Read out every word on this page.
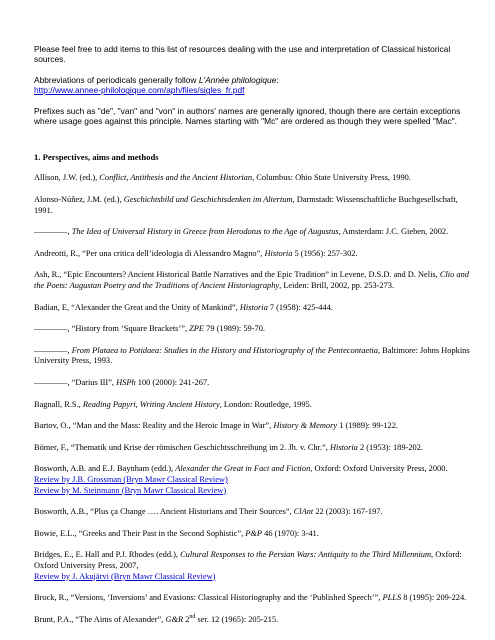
Please feel free to add items to this list of resources dealing with the use and interpretation of Classical historical sources.
Abbreviations of periodicals generally follow L'Année philologique:
http://www.annee-philologique.com/aph/files/sigles_fr.pdf
Prefixes such as "de", "van" and "von" in authors' names are generally ignored, though there are certain exceptions where usage goes against this principle. Names starting with "Mc" are ordered as though they were spelled "Mac".
1. Perspectives, aims and methods
Allison, J.W. (ed.), Conflict, Antithesis and the Ancient Historian, Columbus: Ohio State University Press, 1990.
Alonso-Núñez, J.M. (ed.), Geschichtsbild und Geschichtsdenken im Altertum, Darmstadt: Wissenschaftliche Buchgesellschaft, 1991.
————, The Idea of Universal History in Greece from Herodotus to the Age of Augustus, Amsterdam: J.C. Gieben, 2002.
Andreotti, R., “Per una critica dell’ideologia di Alessandro Magno”, Historia 5 (1956): 257-302.
Ash, R., “Epic Encounters? Ancient Historical Battle Narratives and the Epic Tradition” in Levene, D.S.D. and D. Nelis, Clio and the Poets: Augustan Poetry and the Traditions of Ancient Historiography, Leiden: Brill, 2002, pp. 253-273.
Badian, E, “Alexander the Great and the Unity of Mankind”, Historia 7 (1958): 425-444.
————, “History from ‘Square Brackets’”, ZPE 79 (1989): 59-70.
————, From Plataea to Potidaea: Studies in the History and Historiography of the Pentecontaetia, Baltimore: Johns Hopkins University Press, 1993.
————, “Darius III”, HSPh 100 (2000): 241-267.
Bagnall, R.S., Reading Papyri, Writing Ancient History, London: Routledge, 1995.
Bartov, O., “Man and the Mass: Reality and the Heroic Image in War”, History & Memory 1 (1989): 99-122.
Bömer, F., “Thematik und Krise der römischen Geschichtsschreibung im 2. Jh. v. Chr.”, Historia 2 (1953): 189-202.
Bosworth, A.B. and E.J. Baynham (edd.), Alexander the Great in Fact and Fiction, Oxford: Oxford University Press, 2000.
Review by J.B. Grossman (Bryn Mawr Classical Review)
Review by M. Steinmann (Bryn Mawr Classical Review)
Bosworth, A.B., “Plus ça Change …. Ancient Historians and Their Sources”, ClAnt 22 (2003): 167-197.
Bowie, E.L., “Greeks and Their Past in the Second Sophistic”, P&P 46 (1970): 3-41.
Bridges, E., E. Hall and P.J. Rhodes (edd.), Cultural Responses to the Persian Wars: Antiquity to the Third Millennium, Oxford: Oxford University Press, 2007,
Review by J. Akujärvi (Bryn Mawr Classical Review)
Brock, R., “Versions, ‘Inversions’ and Evasions: Classical Historiography and the ‘Published Speech’”, PLLS 8 (1995): 209-224.
Brunt, P.A., “The Aims of Alexander”, G&R 2nd ser. 12 (1965): 205-215.
